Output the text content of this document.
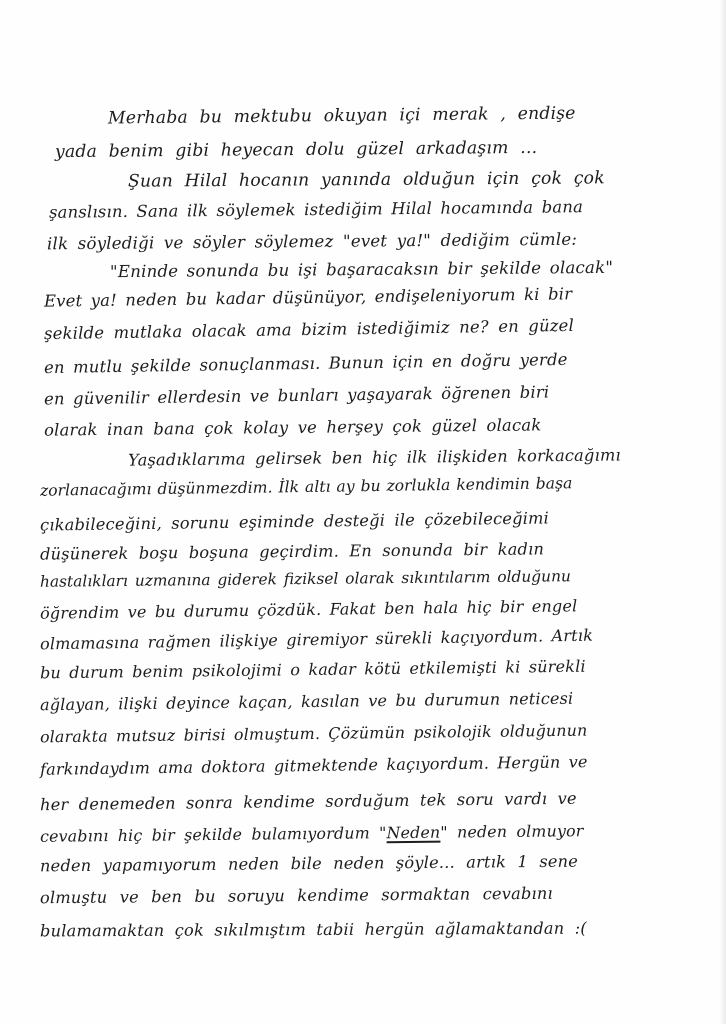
Merhaba bu mektubu okuyan içi merak , endişe
yada benim gibi heyecan dolu güzel arkadaşım ...
Şuan Hilal hocanın yanında olduğun için çok çok
şanslısın. Sana ilk söylemek istediğim Hilal hocamında bana
ilk söylediği ve söyler söylemez "evet ya!" dediğim cümle:
"Eninde sonunda bu işi başaracaksın bir şekilde olacak"
Evet ya! neden bu kadar düşünüyor, endişeleniyorum ki bir
şekilde mutlaka olacak ama bizim istediğimiz ne? en güzel
en mutlu şekilde sonuçlanması. Bunun için en doğru yerde
en güvenilir ellerdesin ve bunları yaşayarak öğrenen biri
olarak inan bana çok kolay ve herşey çok güzel olacak
Yaşadıklarıma gelirsek ben hiç ilk ilişkiden korkacağımı
zorlanacağımı düşünmezdim. İlk altı ay bu zorlukla kendimin başa
çıkabileceğini, sorunu eşiminde desteği ile çözebileceğimi
düşünerek boşu boşuna geçirdim. En sonunda bir kadın
hastalıkları uzmanına giderek fiziksel olarak sıkıntılarım olduğunu
öğrendim ve bu durumu çözdük. Fakat ben hala hiç bir engel
olmamasına rağmen ilişkiye giremiyor sürekli kaçıyordum. Artık
bu durum benim psikolojimi o kadar kötü etkilemişti ki sürekli
ağlayan, ilişki deyince kaçan, kasılan ve bu durumun neticesi
olarakta mutsuz birisi olmuştum. Çözümün psikolojik olduğunun
farkındaydım ama doktora gitmektende kaçıyordum. Hergün ve
her denemeden sonra kendime sorduğum tek soru vardı ve
cevabını hiç bir şekilde bulamıyordum "Neden" neden olmuyor
neden yapamıyorum neden bile neden şöyle... artık 1 sene
olmuştu ve ben bu soruyu kendime sormaktan cevabını
bulamamaktan çok sıkılmıştım tabii hergün ağlamaktandan :(
